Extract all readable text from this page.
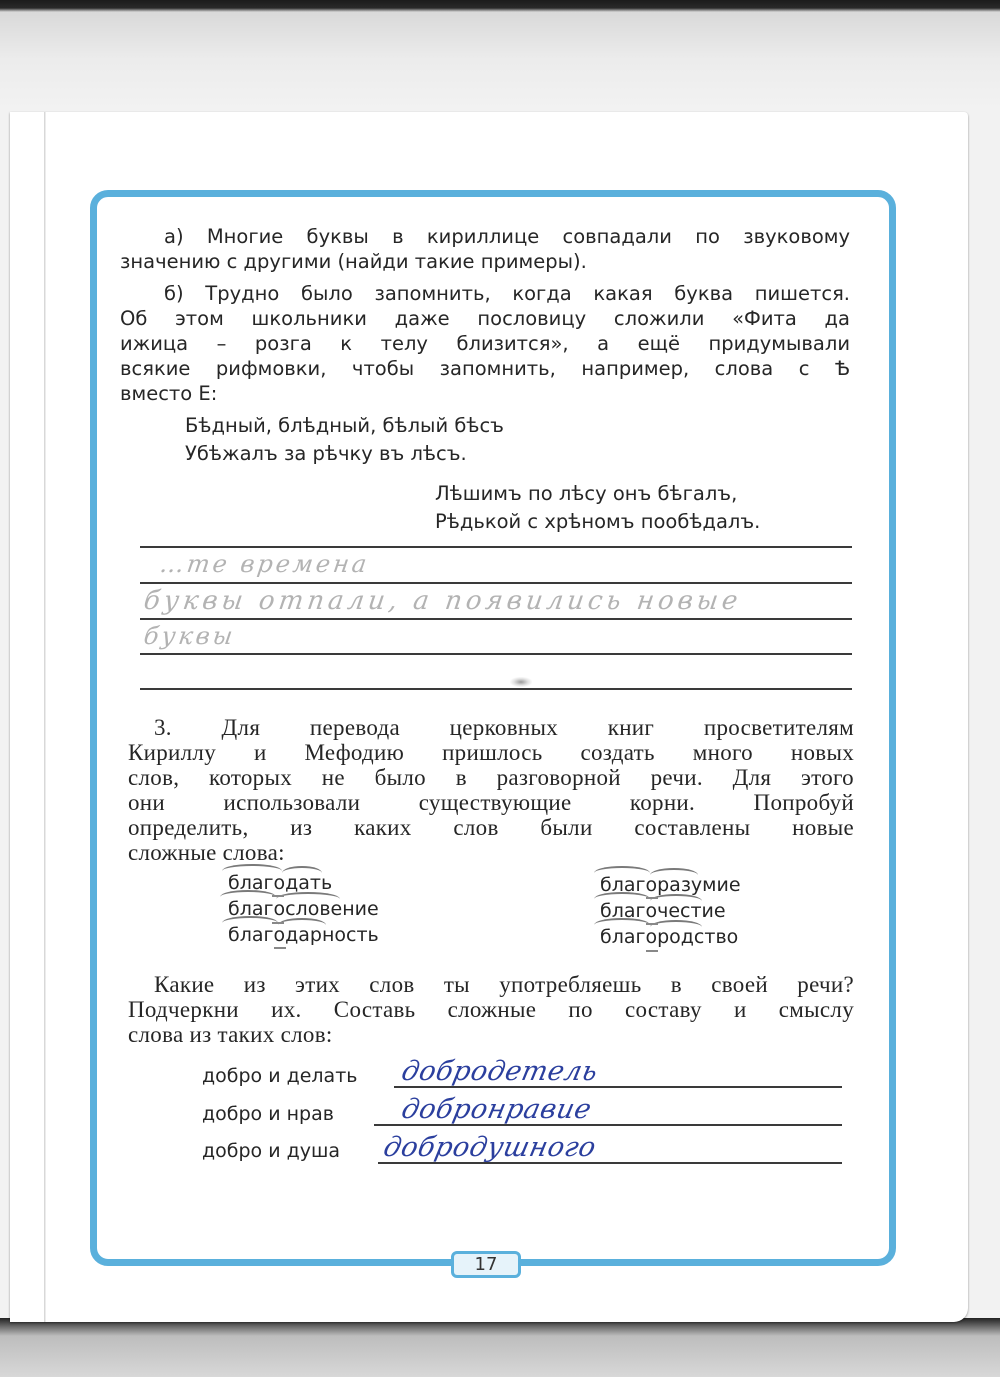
а) Многие буквы в кириллице совпадали по звуковому
значению с другими (найди такие примеры).
б) Трудно было запомнить, когда какая буква пишется.
Об этом школьники даже пословицу сложили «Фита да
ижица – розга к телу близится», а ещё придумывали
всякие рифмовки, чтобы запомнить, например, слова с Ѣ
вместо Е:
Бѣдный, блѣдный, бѣлый бѣсъ
Убѣжалъ за рѣчку въ лѣсъ.
Лѣшимъ по лѣсу онъ бѣгалъ,
Рѣдькой с хрѣномъ пообѣдалъ.
…те времена
буквы отпали, а появились новые
буквы
3. Для перевода церковных книг просветителям
Кириллу и Мефодию пришлось создать много новых
слов, которых не было в разговорной речи. Для этого
они использовали существующие корни. Попробуй
определить, из каких слов были составлены новые
сложные слова:
благодать
благословение
благодарность
благоразумие
благочестие
благородство
Какие из этих слов ты употребляешь в своей речи?
Подчеркни их. Составь сложные по составу и смыслу
слова из таких слов:
добро и делать добродетель
добро и нрав добронравие
добро и душа добродушного
17
